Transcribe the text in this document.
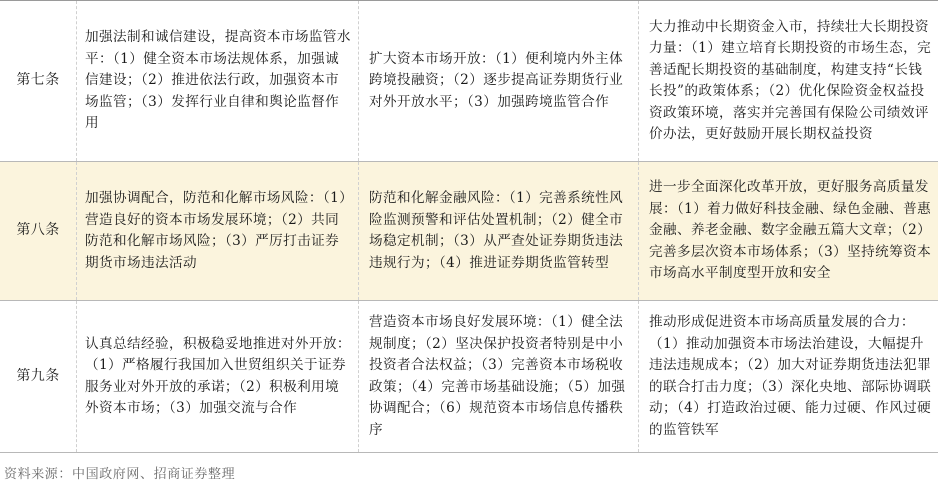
第七条
加强法制和诚信建设，提高资本市场监管水平：（1）健全资本市场法规体系，加强诚信建设；（2）推进依法行政，加强资本市场监管；（3）发挥行业自律和舆论监督作用
扩大资本市场开放：（1）便利境内外主体跨境投融资；（2）逐步提高证券期货行业对外开放水平；（3）加强跨境监管合作
大力推动中长期资金入市，持续壮大长期投资力量：（1）建立培育长期投资的市场生态，完善适配长期投资的基础制度，构建支持“长钱长投”的政策体系；（2）优化保险资金权益投资政策环境，落实并完善国有保险公司绩效评价办法，更好鼓励开展长期权益投资
第八条
加强协调配合，防范和化解市场风险：（1）营造良好的资本市场发展环境；（2）共同防范和化解市场风险；（3）严厉打击证券期货市场违法活动
防范和化解金融风险：（1）完善系统性风险监测预警和评估处置机制；（2）健全市场稳定机制；（3）从严查处证券期货违法违规行为；（4）推进证券期货监管转型
进一步全面深化改革开放，更好服务高质量发展：（1）着力做好科技金融、绿色金融、普惠金融、养老金融、数字金融五篇大文章；（2）完善多层次资本市场体系；（3）坚持统筹资本市场高水平制度型开放和安全
第九条
认真总结经验，积极稳妥地推进对外开放：（1）严格履行我国加入世贸组织关于证券服务业对外开放的承诺；（2）积极利用境外资本市场；（3）加强交流与合作
营造资本市场良好发展环境：（1）健全法规制度；（2）坚决保护投资者特别是中小投资者合法权益；（3）完善资本市场税收政策；（4）完善市场基础设施；（5）加强协调配合；（6）规范资本市场信息传播秩序
推动形成促进资本市场高质量发展的合力：（1）推动加强资本市场法治建设，大幅提升违法违规成本；（2）加大对证券期货违法犯罪的联合打击力度；（3）深化央地、部际协调联动；（4）打造政治过硬、能力过硬、作风过硬的监管铁军
资料来源：中国政府网、招商证券整理
